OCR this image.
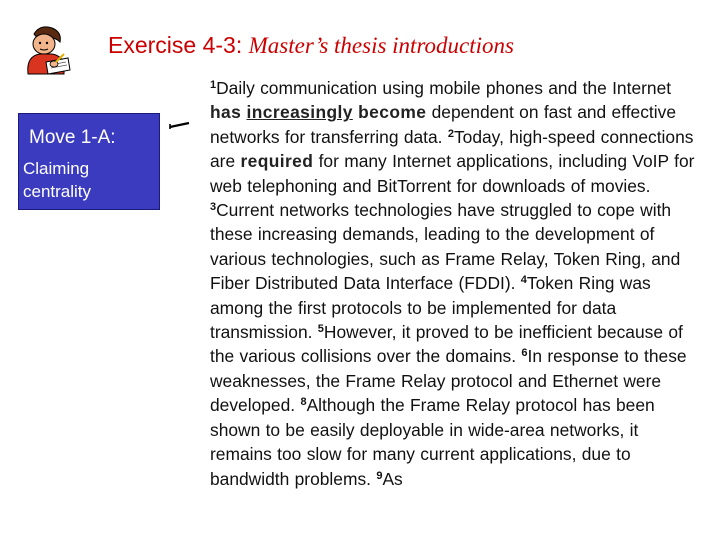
Exercise 4-3: Master’s thesis introductions
Move 1-A:
Claiming
centrality
$^1$Daily communication using mobile phones and the Internet has increasingly become dependent on fast and effective networks for transferring data. $^2$Today, high-speed connections are required for many Internet applications, including VoIP for web telephoning and BitTorrent for downloads of movies. $^3$Current networks technologies have struggled to cope with these increasing demands, leading to the development of various technologies, such as Frame Relay, Token Ring, and Fiber Distributed Data Interface (FDDI). $^4$Token Ring was among the first protocols to be implemented for data transmission. $^5$However, it proved to be inefficient because of the various collisions over the domains. $^6$In response to these weaknesses, the Frame Relay protocol and Ethernet were developed. $^8$Although the Frame Relay protocol has been shown to be easily deployable in wide-area networks, it remains too slow for many current applications, due to bandwidth problems. $^9$As
